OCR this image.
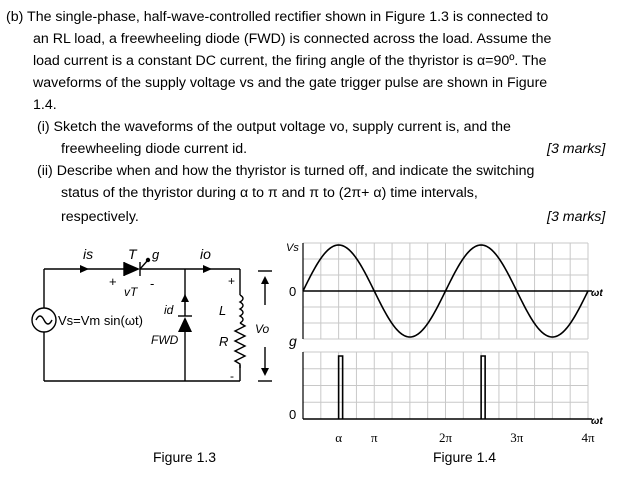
(b) The single-phase, half-wave-controlled rectifier shown in Figure 1.3 is connected to
an RL load, a freewheeling diode (FWD) is connected across the load. Assume the
load current is a constant DC current, the firing angle of the thyristor is α=90º. The
waveforms of the supply voltage vs and the gate trigger pulse are shown in Figure
1.4.
(i) Sketch the waveforms of the output voltage vo, supply current is, and the
freewheeling diode current id.	[3 marks]
(ii) Describe when and how the thyristor is turned off, and indicate the switching
status of the thyristor during α to π and π to (2π+ α) time intervals,
respectively.	[3 marks]
is T g	io
+	-
vT
id	L
R
FWD
+
-
Vo
Vs=Vm sin(ωt)
Figure 1.3
α π	2π	3π	4π
Vs
0
g
0
ωt
ωt
Figure 1.4
